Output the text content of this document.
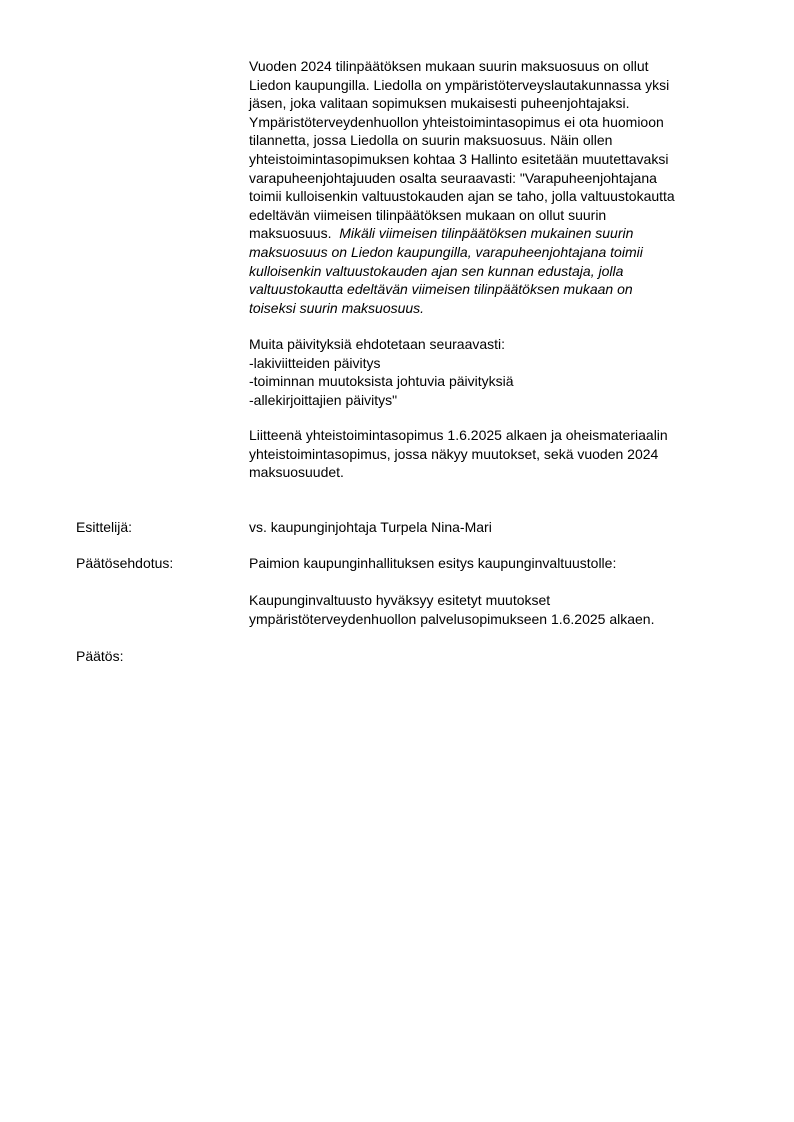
Vuoden 2024 tilinpäätöksen mukaan suurin maksuosuus on ollut
Liedon kaupungilla. Liedolla on ympäristöterveyslautakunnassa yksi
jäsen, joka valitaan sopimuksen mukaisesti puheenjohtajaksi.
Ympäristöterveydenhuollon yhteistoimintasopimus ei ota huomioon
tilannetta, jossa Liedolla on suurin maksuosuus. Näin ollen
yhteistoimintasopimuksen kohtaa 3 Hallinto esitetään muutettavaksi
varapuheenjohtajuuden osalta seuraavasti: "Varapuheenjohtajana
toimii kulloisenkin valtuustokauden ajan se taho, jolla valtuustokautta
edeltävän viimeisen tilinpäätöksen mukaan on ollut suurin
maksuosuus. Mikäli viimeisen tilinpäätöksen mukainen suurin
maksuosuus on Liedon kaupungilla, varapuheenjohtajana toimii
kulloisenkin valtuustokauden ajan sen kunnan edustaja, jolla
valtuustokautta edeltävän viimeisen tilinpäätöksen mukaan on
toiseksi suurin maksuosuus.
Muita päivityksiä ehdotetaan seuraavasti:
-lakiviitteiden päivitys
-toiminnan muutoksista johtuvia päivityksiä
-allekirjoittajien päivitys"
Liitteenä yhteistoimintasopimus 1.6.2025 alkaen ja oheismateriaalin
yhteistoimintasopimus, jossa näkyy muutokset, sekä vuoden 2024
maksuosuudet.
Esittelijä:	vs. kaupunginjohtaja Turpela Nina-Mari
Päätösehdotus:	Paimion kaupunginhallituksen esitys kaupunginvaltuustolle:
Kaupunginvaltuusto hyväksyy esitetyt muutokset
ympäristöterveydenhuollon palvelusopimukseen 1.6.2025 alkaen.
Päätös:
